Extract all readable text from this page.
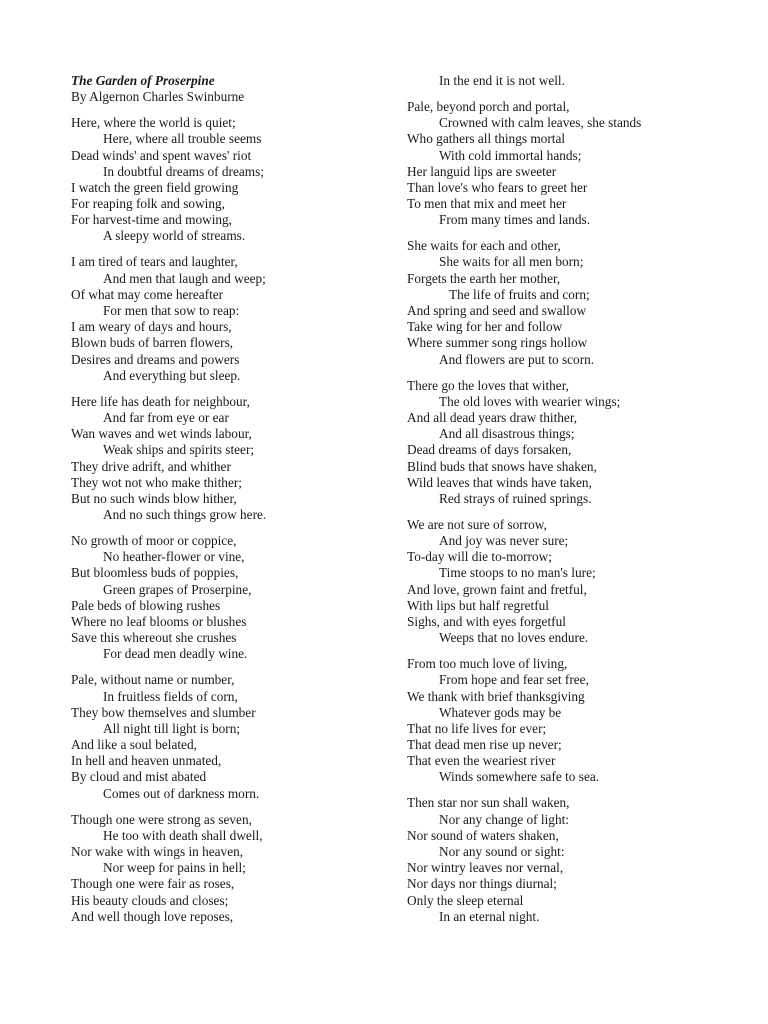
The Garden of Proserpine
By Algernon Charles Swinburne
Here, where the world is quiet;
Here, where all trouble seems
Dead winds' and spent waves' riot
In doubtful dreams of dreams;
I watch the green field growing
For reaping folk and sowing,
For harvest-time and mowing,
A sleepy world of streams.
I am tired of tears and laughter,
And men that laugh and weep;
Of what may come hereafter
For men that sow to reap:
I am weary of days and hours,
Blown buds of barren flowers,
Desires and dreams and powers
And everything but sleep.
Here life has death for neighbour,
And far from eye or ear
Wan waves and wet winds labour,
Weak ships and spirits steer;
They drive adrift, and whither
They wot not who make thither;
But no such winds blow hither,
And no such things grow here.
No growth of moor or coppice,
No heather-flower or vine,
But bloomless buds of poppies,
Green grapes of Proserpine,
Pale beds of blowing rushes
Where no leaf blooms or blushes
Save this whereout she crushes
For dead men deadly wine.
Pale, without name or number,
In fruitless fields of corn,
They bow themselves and slumber
All night till light is born;
And like a soul belated,
In hell and heaven unmated,
By cloud and mist abated
Comes out of darkness morn.
Though one were strong as seven,
He too with death shall dwell,
Nor wake with wings in heaven,
Nor weep for pains in hell;
Though one were fair as roses,
His beauty clouds and closes;
And well though love reposes,
In the end it is not well.
Pale, beyond porch and portal,
Crowned with calm leaves, she stands
Who gathers all things mortal
With cold immortal hands;
Her languid lips are sweeter
Than love's who fears to greet her
To men that mix and meet her
From many times and lands.
She waits for each and other,
She waits for all men born;
Forgets the earth her mother,
The life of fruits and corn;
And spring and seed and swallow
Take wing for her and follow
Where summer song rings hollow
And flowers are put to scorn.
There go the loves that wither,
The old loves with wearier wings;
And all dead years draw thither,
And all disastrous things;
Dead dreams of days forsaken,
Blind buds that snows have shaken,
Wild leaves that winds have taken,
Red strays of ruined springs.
We are not sure of sorrow,
And joy was never sure;
To-day will die to-morrow;
Time stoops to no man's lure;
And love, grown faint and fretful,
With lips but half regretful
Sighs, and with eyes forgetful
Weeps that no loves endure.
From too much love of living,
From hope and fear set free,
We thank with brief thanksgiving
Whatever gods may be
That no life lives for ever;
That dead men rise up never;
That even the weariest river
Winds somewhere safe to sea.
Then star nor sun shall waken,
Nor any change of light:
Nor sound of waters shaken,
Nor any sound or sight:
Nor wintry leaves nor vernal,
Nor days nor things diurnal;
Only the sleep eternal
In an eternal night.
